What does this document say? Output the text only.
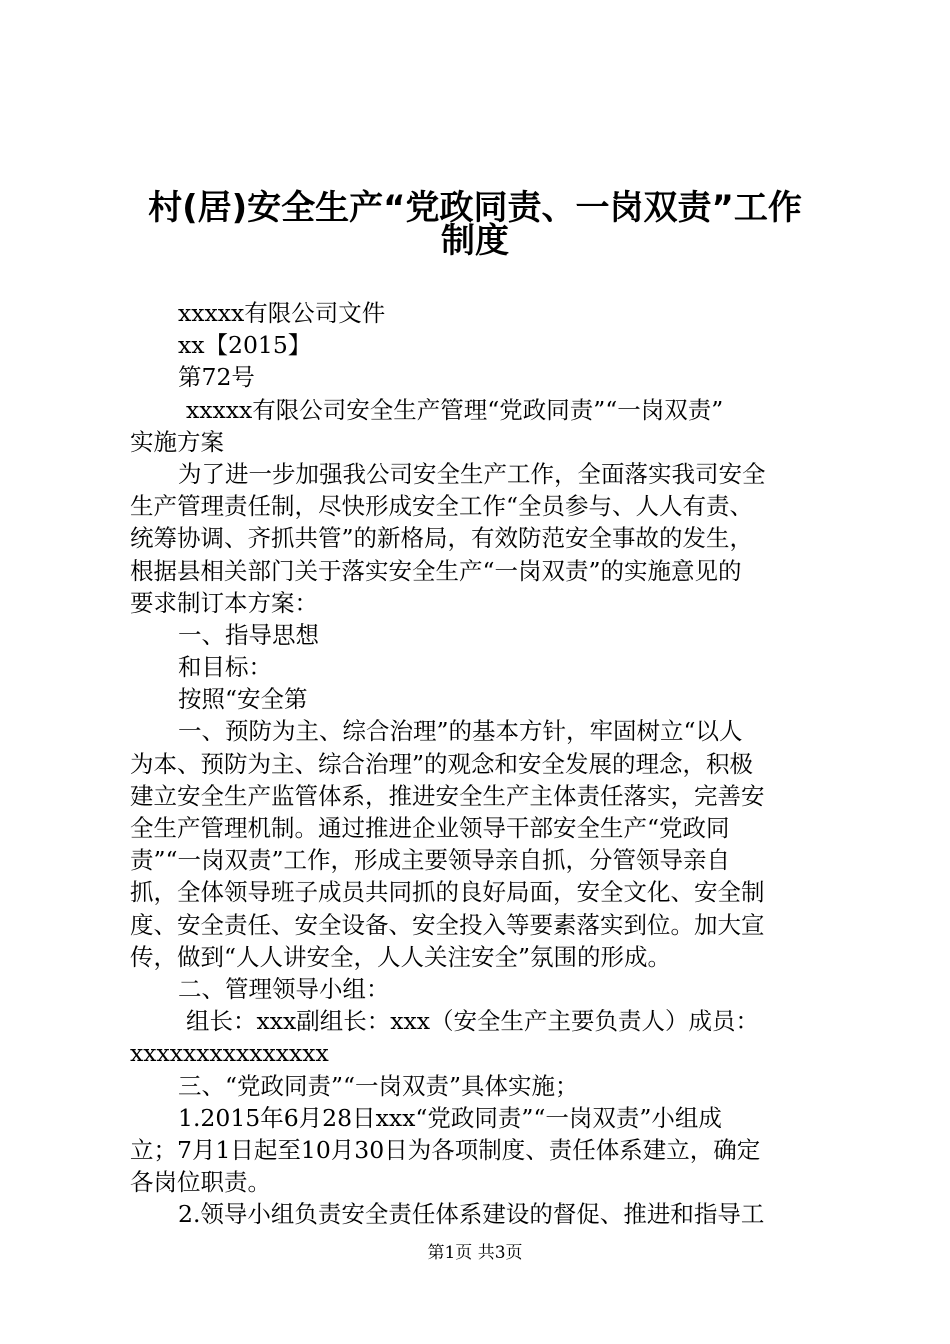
村(居)安全生产“党政同责、一岗双责”工作
制度
xxxxx有限公司文件
xx【2015】
第72号
xxxxx有限公司安全生产管理“党政同责”“一岗双责”
实施方案
为了进一步加强我公司安全生产工作，全面落实我司安全
生产管理责任制，尽快形成安全工作“全员参与、人人有责、
统筹协调、齐抓共管”的新格局，有效防范安全事故的发生，
根据县相关部门关于落实安全生产“一岗双责”的实施意见的
要求制订本方案：
一、指导思想
和目标：
按照“安全第
一、预防为主、综合治理”的基本方针，牢固树立“以人
为本、预防为主、综合治理”的观念和安全发展的理念，积极
建立安全生产监管体系，推进安全生产主体责任落实，完善安
全生产管理机制。通过推进企业领导干部安全生产“党政同
责”“一岗双责”工作，形成主要领导亲自抓，分管领导亲自
抓，全体领导班子成员共同抓的良好局面，安全文化、安全制
度、安全责任、安全设备、安全投入等要素落实到位。加大宣
传，做到“人人讲安全，人人关注安全”氛围的形成。
二、管理领导小组：
组长：xxx副组长：xxx（安全生产主要负责人）成员：
xxxxxxxxxxxxxxx
三、“党政同责”“一岗双责”具体实施；
1.2015年6月28日xxx“党政同责”“一岗双责”小组成
立；7月1日起至10月30日为各项制度、责任体系建立，确定
各岗位职责。
2.领导小组负责安全责任体系建设的督促、推进和指导工
第1页 共3页
